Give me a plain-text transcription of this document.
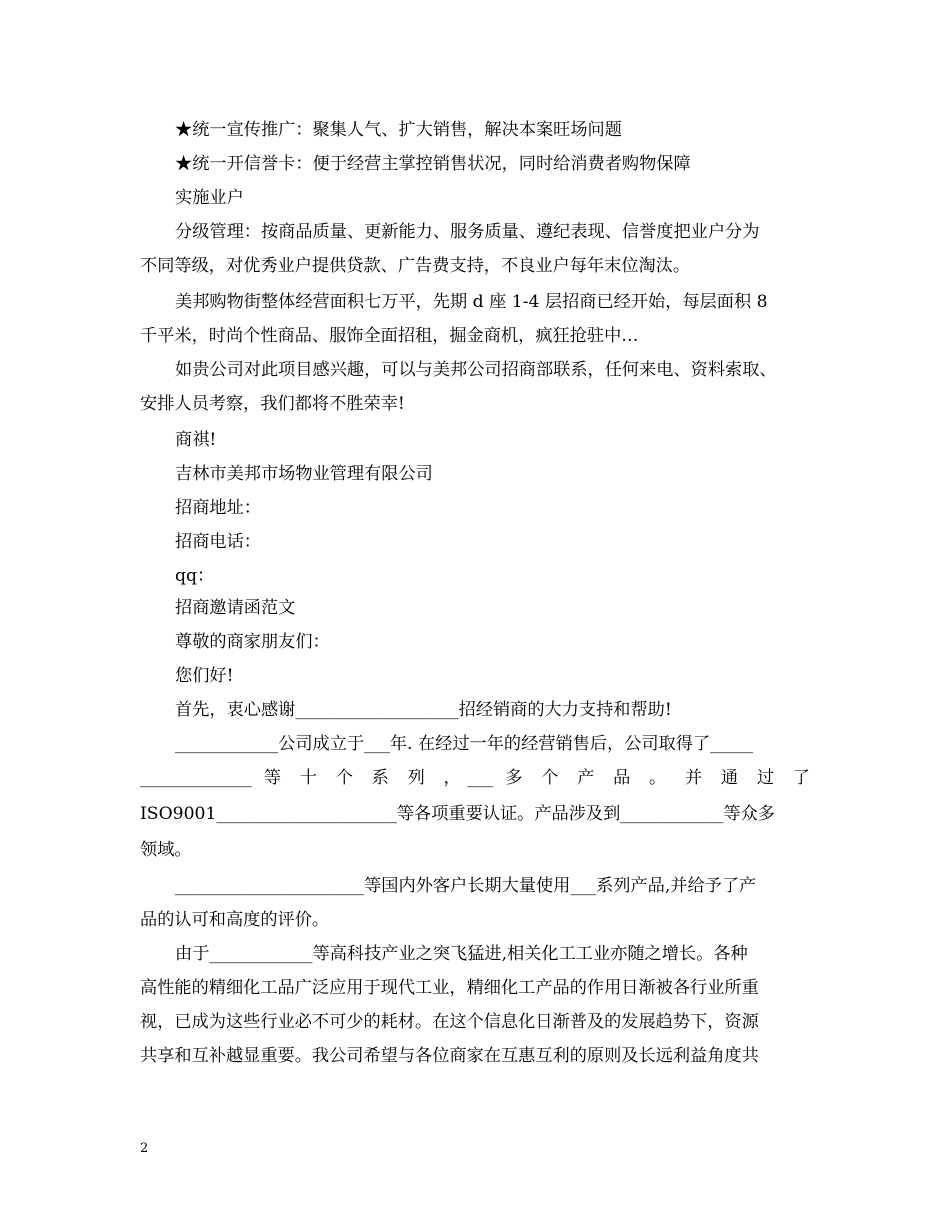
★统一宣传推广：聚集人气、扩大销售，解决本案旺场问题
★统一开信誉卡：便于经营主掌控销售状况，同时给消费者购物保障
实施业户
分级管理：按商品质量、更新能力、服务质量、遵纪表现、信誉度把业户分为
不同等级，对优秀业户提供贷款、广告费支持，不良业户每年末位淘汰。
美邦购物街整体经营面积七万平，先期 d 座 1-4 层招商已经开始，每层面积 8
千平米，时尚个性商品、服饰全面招租，掘金商机，疯狂抢驻中…
如贵公司对此项目感兴趣，可以与美邦公司招商部联系，任何来电、资料索取、
安排人员考察，我们都将不胜荣幸!
商祺!
吉林市美邦市场物业管理有限公司
招商地址：
招商电话：
qq：
招商邀请函范文
尊敬的商家朋友们：
您们好!
首先，衷心感谢___________________招经销商的大力支持和帮助!
____________公司成立于___年. 在经过一年的经营销售后，公司取得了_____
_____________ 等 十 个 系 列 ，___ 多 个 产 品 。 并 通 过 了
ISO9001_____________________等各项重要认证。产品涉及到____________等众多
领域。
______________________等国内外客户长期大量使用___系列产品,并给予了产
品的认可和高度的评价。
由于____________等高科技产业之突飞猛进,相关化工工业亦随之增长。各种
高性能的精细化工品广泛应用于现代工业，精细化工产品的作用日渐被各行业所重
视，已成为这些行业必不可少的耗材。在这个信息化日渐普及的发展趋势下，资源
共享和互补越显重要。我公司希望与各位商家在互惠互利的原则及长远利益角度共
2
